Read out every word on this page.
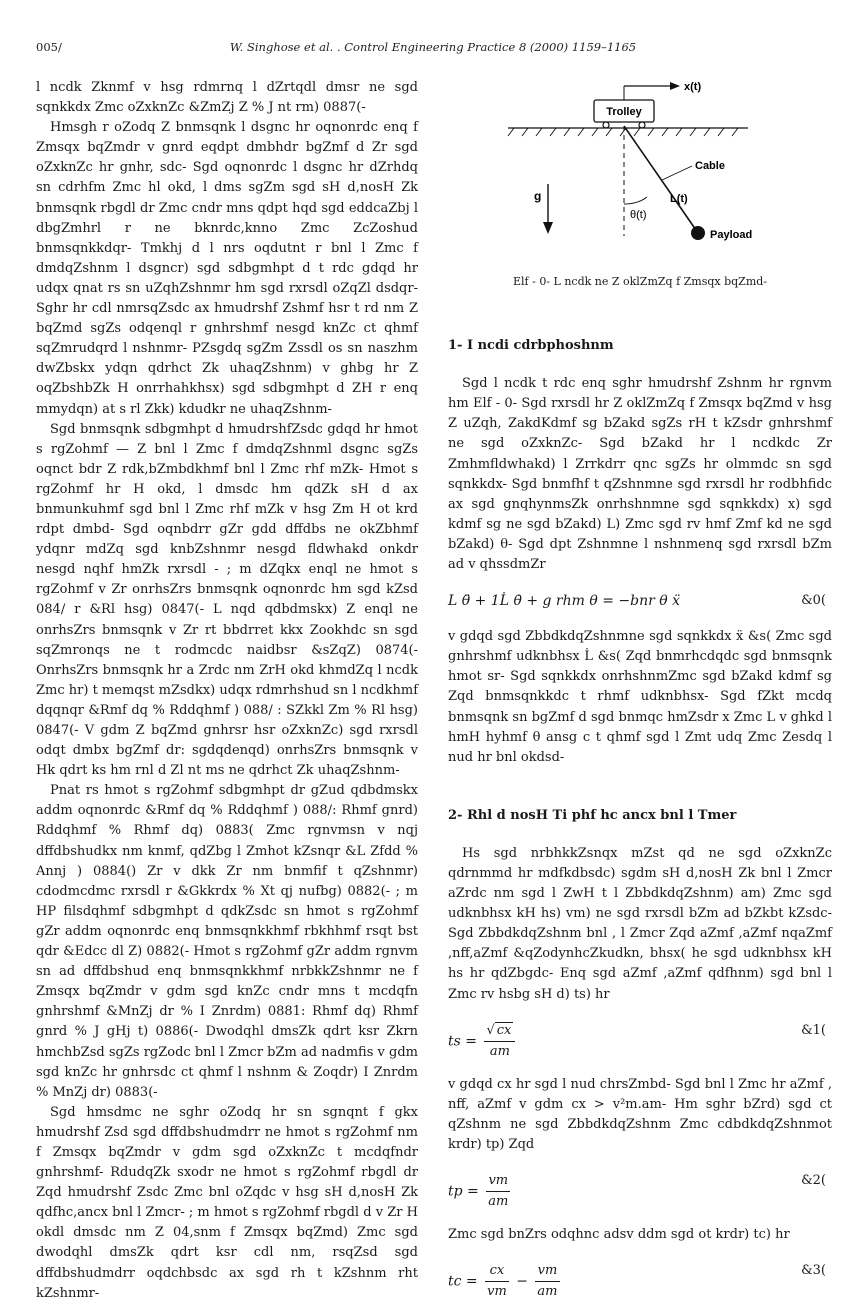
005/	W. Singhose et al. . Control Engineering Practice 8 (2000) 1159–1165

l ncdk Zknmf v hsg rdmrnq l dZrtqdl dmsr ne sgd sqnkkdx Zmc oZxknZc &ZmZj Z % J nt rm) 0887(-

Hmsgh r oZodq Z bnmsqnk l dsgnc hr oqnonrdc enq f Zmsqx bqZmdr v gnrd eqdpt dmbhdr bgZmf d Zr sgd oZxknZc hr gnhr, sdc- Sgd oqnonrdc l dsgnc hr dZrhdq sn cdrhfm Zmc hl okd, l dms sgZm sgd sH d,nosH Zk bnmsqnk rbgdl dr Zmc cndr mns qdpt hqd sgd eddcaZbj l dbgZmhrl r ne bknrdc,knno Zmc ZcZoshud bnmsqnkkdqr- Tmkhj d l nrs oqdutnt r bnl l Zmc f dmdqZshnm l dsgncr) sgd sdbgmhpt d t rdc gdqd hr udqx qnat rs sn uZqhZshnmr hm sgd rxrsdl oZqZl dsdqr- Sghr hr cdl nmrsqZsdc ax hmudrshf Zshmf hsr t rd nm Z bqZmd sgZs odqenql r gnhrshmf nesgd knZc ct qhmf sqZmrudqrd l nshnmr- PZsgdq sgZm Zssdl os sn naszhm dwZbskx ydqn qdrhct Zk uhaqZshnm) v ghbg hr Z oqZbshbZk H onrrhahkhsx) sgd sdbgmhpt d ZH r enq mmydqn) at s rl Zkk) kdudkr ne uhaqZshnm-

Sgd bnmsqnk sdbgmhpt d hmudrshfZsdc gdqd hr hmot s rgZohmf — Z bnl l Zmc f dmdqZshnml dsgnc sgZs oqnct bdr Z rdk,bZmbdkhmf bnl l Zmc rhf mZk- Hmot s rgZohmf hr H okd, l dmsdc hm qdZk sH d ax bnmunkuhmf sgd bnl l Zmc rhf mZk v hsg Zm H ot krd rdpt dmbd- Sgd oqnbdrr gZr gdd dffdbs ne okZbhmf ydqnr mdZq sgd knbZshnmr nesgd fldwhakd onkdr nesgd nqhf hmZk rxrsdl - ; m dZqkx enql ne hmot s rgZohmf v Zr onrhsZrs bnmsqnk oqnonrdc hm sgd kZsd 084/ r &Rl hsg) 0847(- L nqd qdbdmskx) Z enql ne onrhsZrs bnmsqnk v Zr rt bbdrret kkx Zookhdc sn sgd sqZmronqs ne t rodmcdc naidbsr &sZqZ) 0874(- OnrhsZrs bnmsqnk hr a Zrdc nm ZrH okd khmdZq l ncdk Zmc hr) t memqst mZsdkx) udqx rdmrhshud sn l ncdkhmf dqqnqr &Rmf dq % Rddqhmf ) 088/ : SZkkl Zm % Rl hsg) 0847(- V gdm Z bqZmd gnhrsr hsr oZxknZc) sgd rxrsdl odqt dmbx bgZmf dr: sgdqdenqd) onrhsZrs bnmsqnk v Hk qdrt ks hm rnl d Zl nt ms ne qdrhct Zk uhaqZshnm-

Pnat rs hmot s rgZohmf sdbgmhpt dr gZud qdbdmskx addm oqnonrdc &Rmf dq % Rddqhmf ) 088/: Rhmf gnrd) Rddqhmf % Rhmf dq) 0883( Zmc rgnvmsn v nqj dffdbshudkx nm knmf, qdZbg l Zmhot kZsnqr &L Zfdd % Annj ) 0884() Zr v dkk Zr nm bnmfif t qZshnmr) cdodmcdmc rxrsdl r &Gkkrdx % Xt qj nufbg) 0882(- ; m HP filsdqhmf sdbgmhpt d qdkZsdc sn hmot s rgZohmf gZr addm oqnonrdc enq bnmsqnkkhmf rbkhhmf rsqt bst qdr &Edcc dl Z) 0882(- Hmot s rgZohmf gZr addm rgnvm sn ad dffdbshud enq bnmsqnkkhmf nrbkkZshnmr ne f Zmsqx bqZmdr v gdm sgd knZc cndr mns t mcdqfn gnhrshmf &MnZj dr % I Znrdm) 0881: Rhmf dq) Rhmf gnrd % J gHj t) 0886(- Dwodqhl dmsZk qdrt ksr Zkrn hmchbZsd sgZs rgZodc bnl l Zmcr bZm ad nadmfis v gdm sgd knZc hr gnhrsdc ct qhmf l nshnm & Zoqdr) I Znrdm % MnZj dr) 0883(-

Sgd hmsdmc ne sghr oZodq hr sn sgnqnt f gkx hmudrshf Zsd sgd dffdbshudmdrr ne hmot s rgZohmf nm f Zmsqx bqZmdr v gdm sgd oZxknZc t mcdqfndr gnhrshmf- RdudqZk sxodr ne hmot s rgZohmf rbgdl dr Zqd hmudrshf Zsdc Zmc bnl oZqdc v hsg sH d,nosH Zk qdfhc,ancx bnl l Zmcr- ; m hmot s rgZohmf rbgdl d v Zr H okdl dmsdc nm Z 04,snm f Zmsqx bqZmd) Zmc sgd dwodqhl dmsZk qdrt ksr cdl nm, rsqZsd sgd dffdbshudmdrr oqdchbsdc ax sgd rh t kZshnm rht kZshnmr-

x(t)
Trolley
Cable
L(t)
θ(t)
Payload
g
Elf - 0- L ncdk ne Z oklZmZq f Zmsqx bqZmd-
1- I ncdi cdrbphoshnm

Sgd l ncdk t rdc enq sghr hmudrshf Zshnm hr rgnvm hm Elf - 0- Sgd rxrsdl hr Z oklZmZq f Zmsqx bqZmd v hsg Z uZqh, ZakdKdmf sg bZakd sgZs rH t kZsdr gnhrshmf ne sgd oZxknZc- Sgd bZakd hr l ncdkdc Zr Zmhmfldwhakd) l Zrrkdrr qnc sgZs hr olmmdc sn sgd sqnkkdx- Sgd bnmfhf t qZshnmne sgd rxrsdl hr rodbhfidc ax sgd gnqhynmsZk onrhshnmne sgd sqnkkdx) x) sgd kdmf sg ne sgd bZakd) L) Zmc sgd rv hmf Zmf kd ne sgd bZakd) θ- Sgd dpt Zshnmne l nshnmenq sgd rxrsdl bZm ad v qhssdmZr

L θ̈ + 1L̇ θ̇ + g rhm θ = −bnr θ ẍ	&0(

v gdqd sgd ZbbdkdqZshnmne sgd sqnkkdx ẍ &s( Zmc sgd gnhrshmf udknbhsx L̇ &s( Zqd bnmrhcdqdc sgd bnmsqnk hmot sr- Sgd sqnkkdx onrhshnmZmc sgd bZakd kdmf sg Zqd bnmsqnkkdc t rhmf udknbhsx- Sgd fZkt mcdq bnmsqnk sn bgZmf d sgd bnmqc hmZsdr x Zmc L v ghkd l hmH hyhmf θ ansg c t qhmf sgd l Zmt udq Zmc Zesdq l nud hr bnl okdsd-

2- Rhl d nosH Ti phf hc ancx bnl l Tmer

Hs sgd nrbhkkZsnqx mZst qd ne sgd oZxknZc qdrnmmd hr mdfkdbsdc) sgdm sH d,nosH Zk bnl l Zmcr aZrdc nm sgd l ZwH t l ZbbdkdqZshnm) am) Zmc sgd udknbhsx kH hs) vm) ne sgd rxrsdl bZm ad bZkbt kZsdc- Sgd ZbbdkdqZshnm bnl , l Zmcr Zqd aZmf ,aZmf nqaZmf ,nff,aZmf &qZodynhcZkudkn, bhsx( he sgd udknbhsx kH hs hr qdZbgdc- Enq sgd aZmf ,aZmf qdfhnm) sgd bnl l Zmc rv hsbg sH d) ts) hr

ts = $\frac{√ cx}{am}$	&1(

v gdqd cx hr sgd l nud chrsZmbd- Sgd bnl l Zmc hr aZmf , nff, aZmf v gdm cx > v²m.am- Hm sghr bZrd) sgd ct qZshnm ne sgd ZbbdkdqZshnm Zmc cdbdkdqZshnmot krdr) tp) Zqd

tp = $\frac{vm}{am}$	&2(

Zmc sgd bnZrs odqhnc adsv ddm sgd ot krdr) tc) hr

tc = $\frac{cx}{vm} - \frac{vm}{am}$	&3(
